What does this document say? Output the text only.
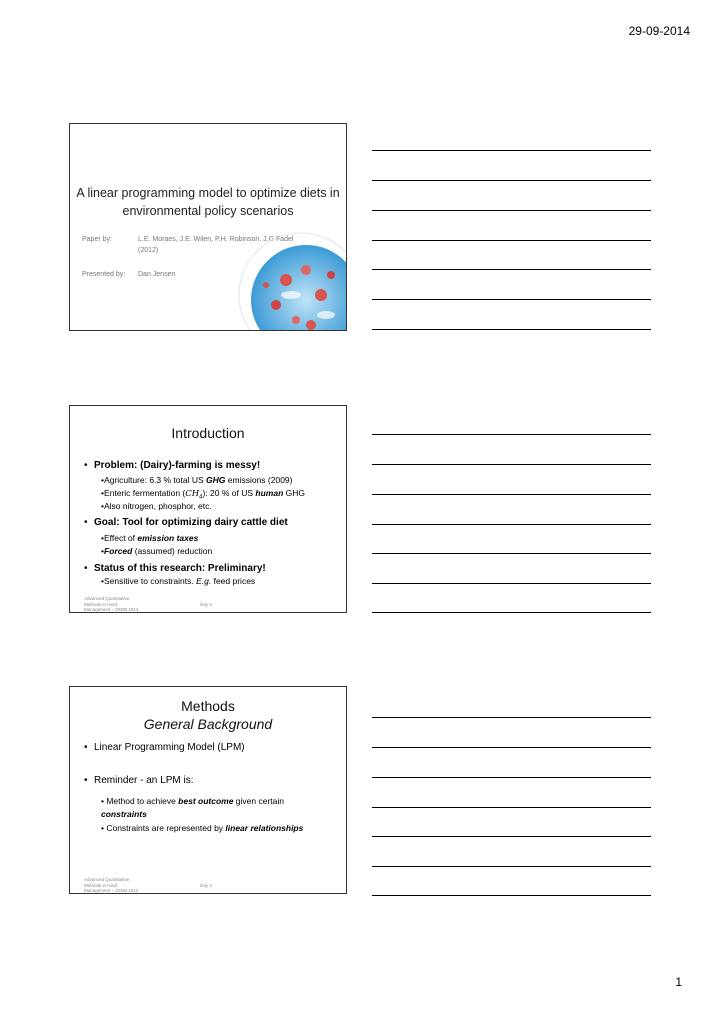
29-09-2014
A linear programming model to optimize diets in environmental policy scenarios
Paper by:	L.E. Moraes, J.E. Wilen, P.H. Robinson, J.G Fadel (2012)
Presented by: Dan Jensen
Introduction
• Problem: (Dairy)-farming is messy!
•Agriculture: 6.3 % total US GHG emissions (2009)
•Enteric fermentation $(CH_4)$: 20 % of US human GHG
•Also nitrogen, phosphor, etc.
• Goal: Tool for optimizing dairy cattle diet
•Effect of emission taxes
•Forced (assumed) reduction
• Status of this research: Preliminary!
•Sensitive to constraints. E.g. feed prices
Advanced Quantitative Methods in Herd Management – 2SDB 2014
Day 3
Methods
General Background
• Linear Programming Model (LPM)
• Reminder - an LPM is:
• Method to achieve best outcome given certain constraints
• Constraints are represented by linear relationships
Advanced Quantitative Methods in Herd Management – 2SDB 2014
Day 3
1
